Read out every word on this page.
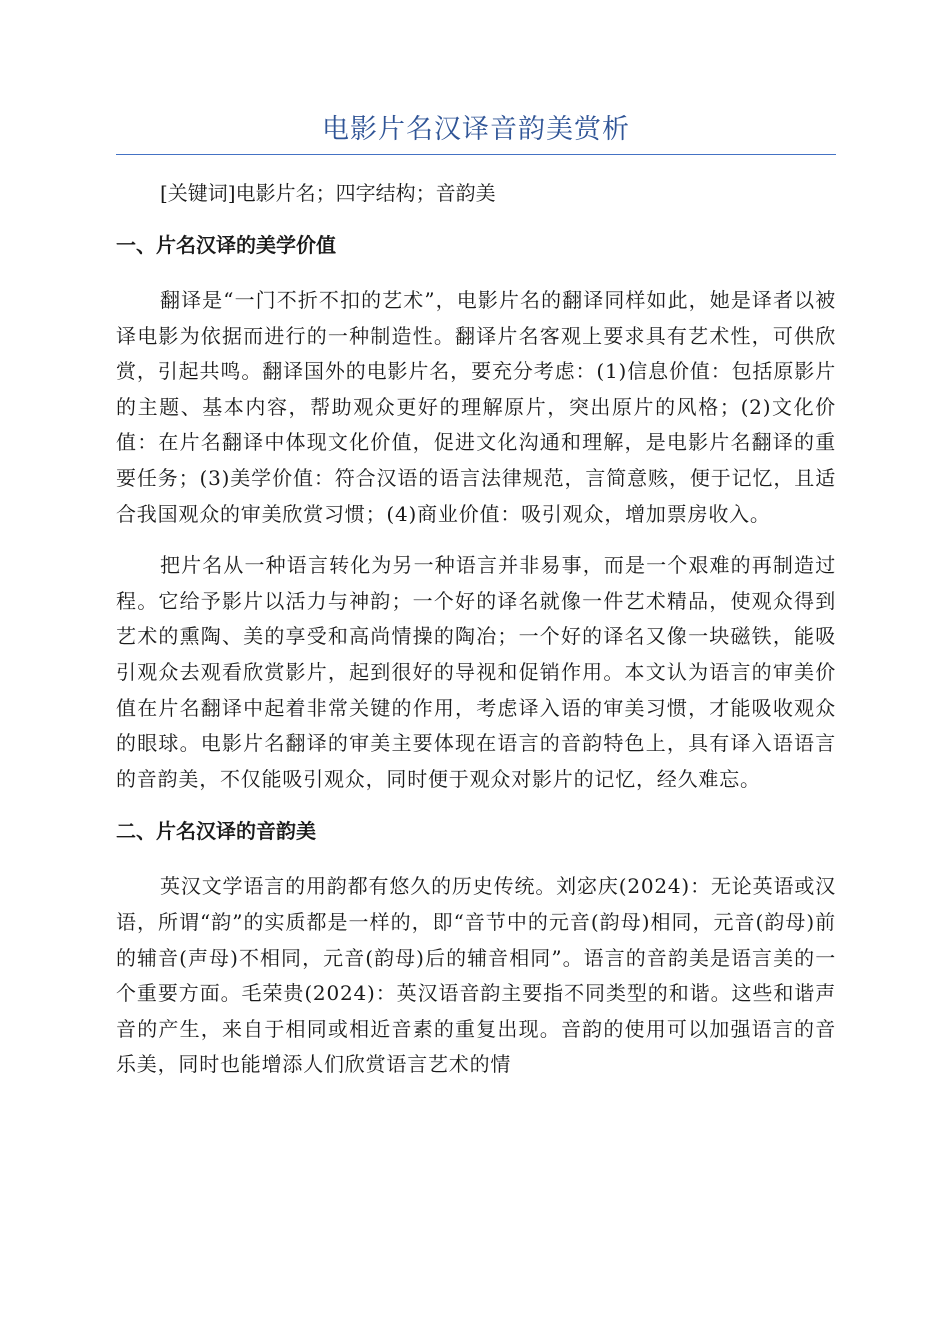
电影片名汉译音韵美赏析

[关键词]电影片名；四字结构；音韵美

一、片名汉译的美学价值

翻译是“一门不折不扣的艺术”，电影片名的翻译同样如此，她是译者以被译电影为依据而进行的一种制造性。翻译片名客观上要求具有艺术性，可供欣赏，引起共鸣。翻译国外的电影片名，要充分考虑：(1)信息价值：包括原影片的主题、基本内容，帮助观众更好的理解原片，突出原片的风格；(2)文化价值：在片名翻译中体现文化价值，促进文化沟通和理解，是电影片名翻译的重要任务；(3)美学价值：符合汉语的语言法律规范，言简意赅，便于记忆，且适合我国观众的审美欣赏习惯；(4)商业价值：吸引观众，增加票房收入。

把片名从一种语言转化为另一种语言并非易事，而是一个艰难的再制造过程。它给予影片以活力与神韵；一个好的译名就像一件艺术精品，使观众得到艺术的熏陶、美的享受和高尚情操的陶冶；一个好的译名又像一块磁铁，能吸引观众去观看欣赏影片，起到很好的导视和促销作用。本文认为语言的审美价值在片名翻译中起着非常关键的作用，考虑译入语的审美习惯，才能吸收观众的眼球。电影片名翻译的审美主要体现在语言的音韵特色上，具有译入语语言的音韵美，不仅能吸引观众，同时便于观众对影片的记忆，经久难忘。

二、片名汉译的音韵美

英汉文学语言的用韵都有悠久的历史传统。刘宓庆(2024)：无论英语或汉语，所谓“韵”的实质都是一样的，即“音节中的元音(韵母)相同，元音(韵母)前的辅音(声母)不相同，元音(韵母)后的辅音相同”。语言的音韵美是语言美的一个重要方面。毛荣贵(2024)：英汉语音韵主要指不同类型的和谐。这些和谐声音的产生，来自于相同或相近音素的重复出现。音韵的使用可以加强语言的音乐美，同时也能增添人们欣赏语言艺术的情
